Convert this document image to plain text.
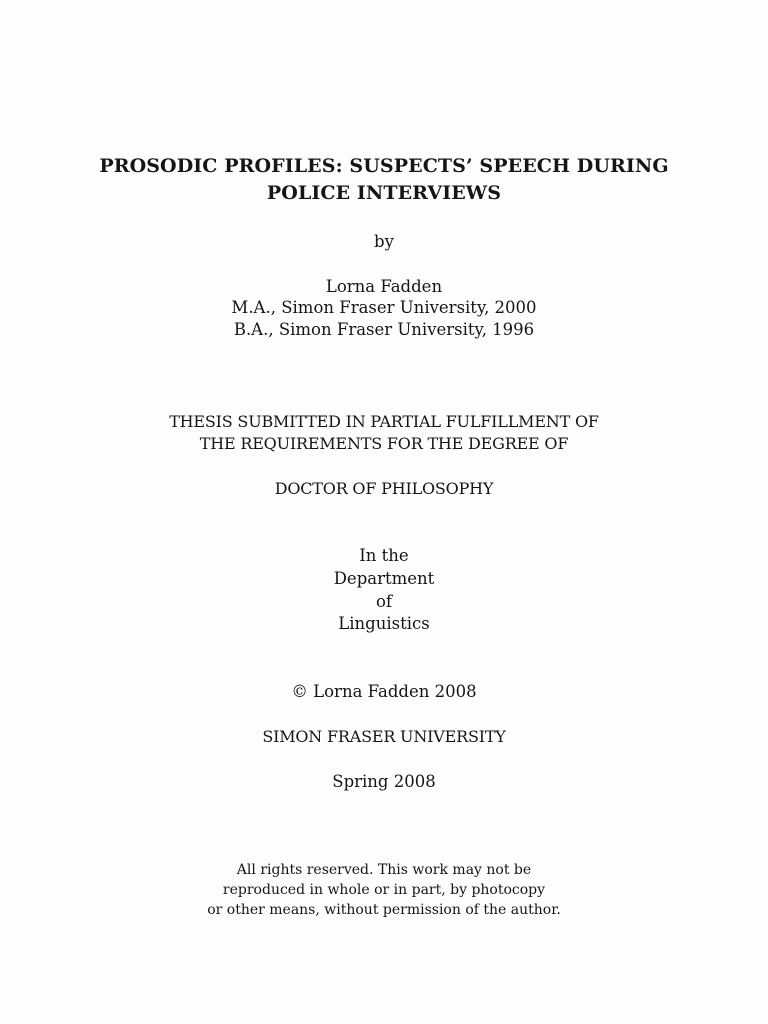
PROSODIC PROFILES: SUSPECTS’ SPEECH DURING
POLICE INTERVIEWS
by
Lorna Fadden
M.A., Simon Fraser University, 2000
B.A., Simon Fraser University, 1996
THESIS SUBMITTED IN PARTIAL FULFILLMENT OF
THE REQUIREMENTS FOR THE DEGREE OF
DOCTOR OF PHILOSOPHY
In the
Department
of
Linguistics
© Lorna Fadden 2008
SIMON FRASER UNIVERSITY
Spring 2008
All rights reserved. This work may not be
reproduced in whole or in part, by photocopy
or other means, without permission of the author.
